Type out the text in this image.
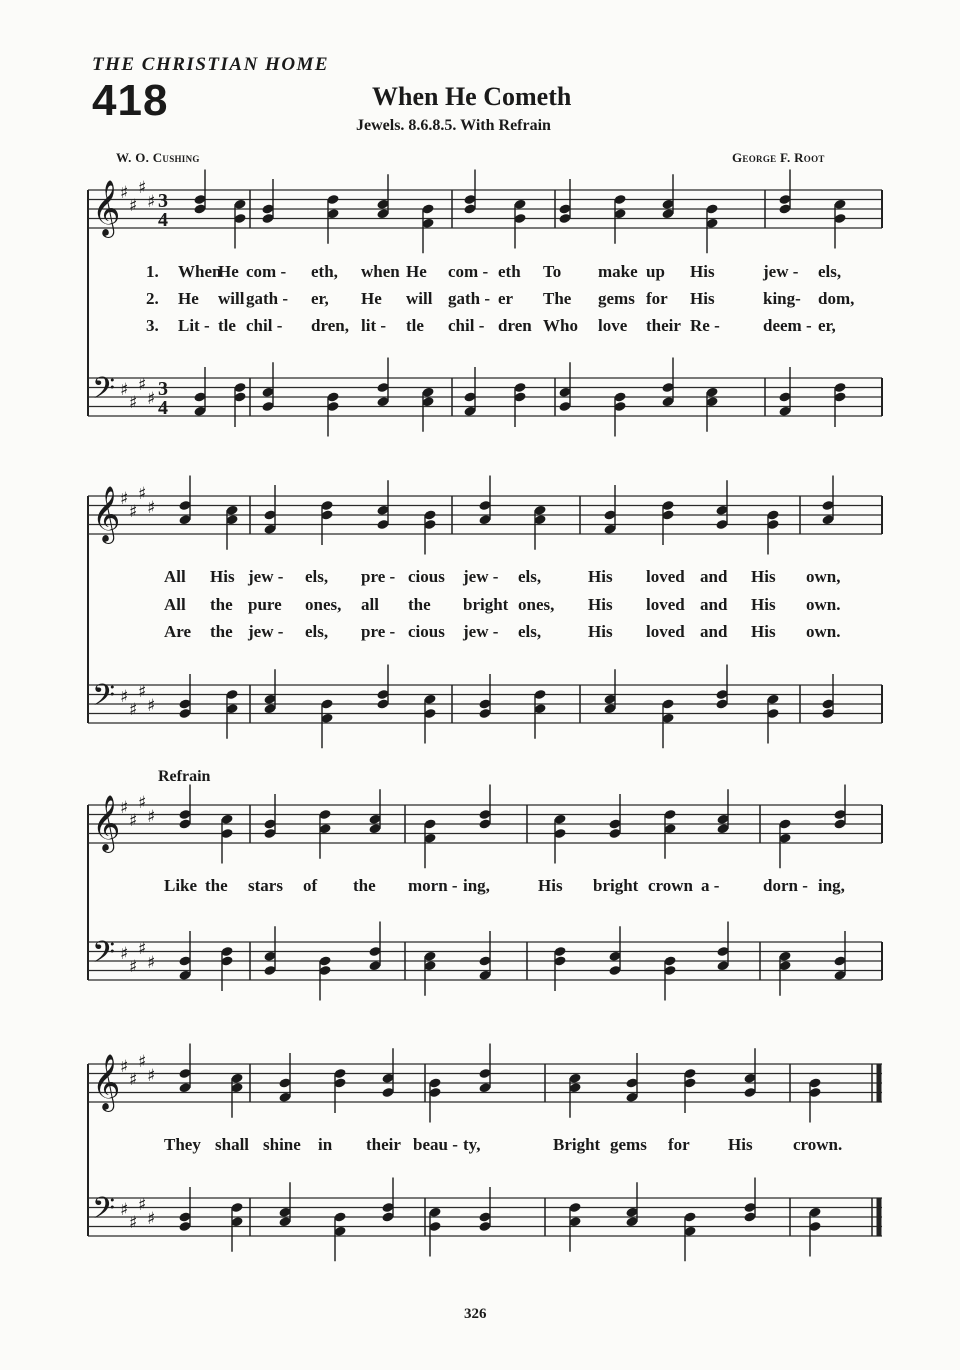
THE CHRISTIAN HOME
418	When He Cometh
Jewels. 8.6.8.5. With Refrain
W. O. Cushing	George F. Root
Refrain
326
𝄞 ♯
♯
♯
♯ 3
4
𝄢 ♯
♯
♯
♯ 3
4
𝄞 ♯
♯
♯
♯
𝄢 ♯
♯
♯
♯
𝄞 ♯
♯
♯
♯
𝄢 ♯
♯
♯
♯
𝄞 ♯
♯
♯
♯
𝄢 ♯
♯
♯
♯
1. When
He com - eth, when He com - eth To make up His	jew - els,
2. He will gath - er, He will gath - er The gems for His	king- dom,
3. Lit - tle chil - dren, lit - tle chil - dren Who love their Re -	deem - er,
All His jew - els, pre - cious jew - els,	His loved and His own,
All the pure ones, all the bright ones, His loved and His own.
Are the jew - els, pre - cious jew - els,	His loved and His own.
Like the stars of the morn - ing,	His bright crown a -	dorn - ing,
They shall shine in their beau - ty,	Bright gems for His crown.
